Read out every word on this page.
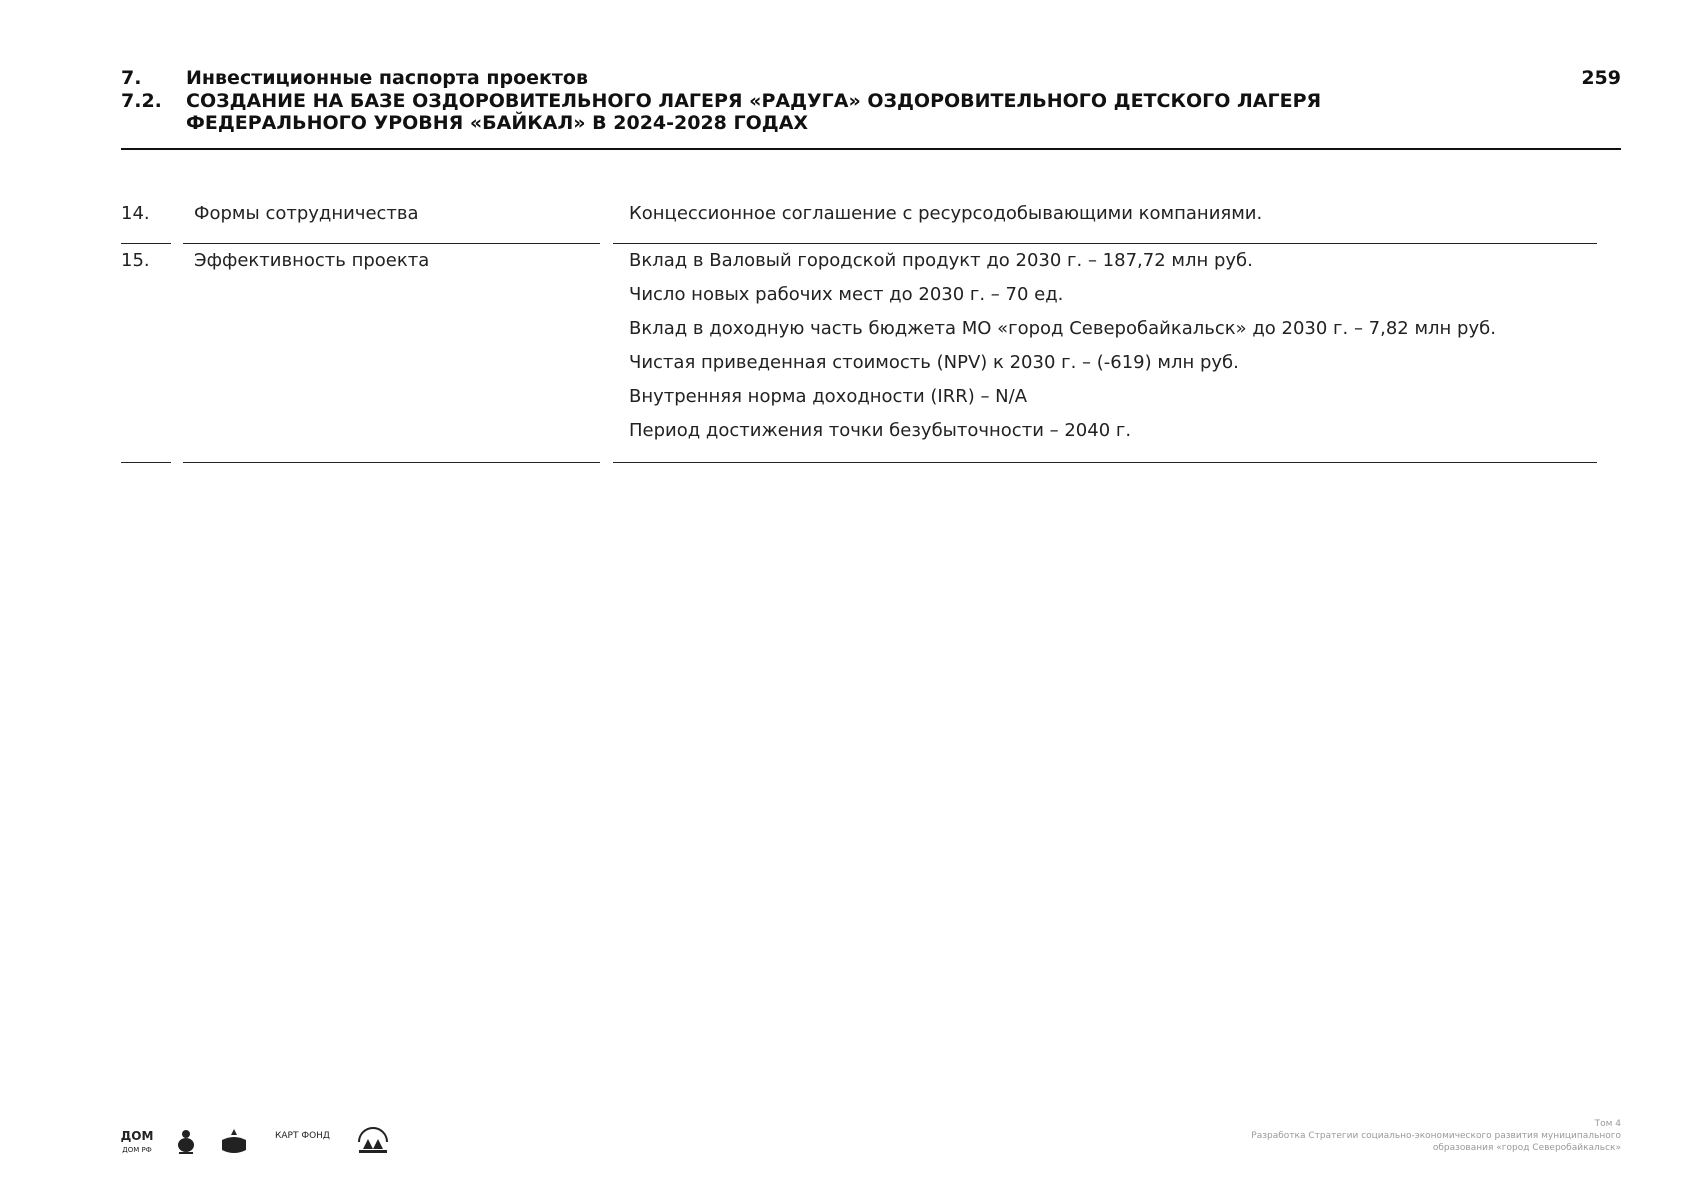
7. Инвестиционные паспорта проектов
7.2. СОЗДАНИЕ НА БАЗЕ ОЗДОРОВИТЕЛЬНОГО ЛАГЕРЯ «РАДУГА» ОЗДОРОВИТЕЛЬНОГО ДЕТСКОГО ЛАГЕРЯ ФЕДЕРАЛЬНОГО УРОВНЯ «БАЙКАЛ» В 2024-2028 ГОДАХ
259
14. Формы сотрудничества	Концессионное соглашение с ресурсодобывающими компаниями.
15. Эффективность проекта	Вклад в Валовый городской продукт до 2030 г. – 187,72 млн руб.
Число новых рабочих мест до 2030 г. – 70 ед.
Вклад в доходную часть бюджета МО «город Северобайкальск» до 2030 г. – 7,82 млн руб.
Чистая приведенная стоимость (NPV) к 2030 г. – (-619) млн руб.
Внутренняя норма доходности (IRR) – N/A
Период достижения точки безубыточности – 2040 г.
ДОМ
ДОМ РФ
КАРТ ФОНД
Том 4
Разработка Стратегии социально-экономического развития муниципального образования «город Северобайкальск»
